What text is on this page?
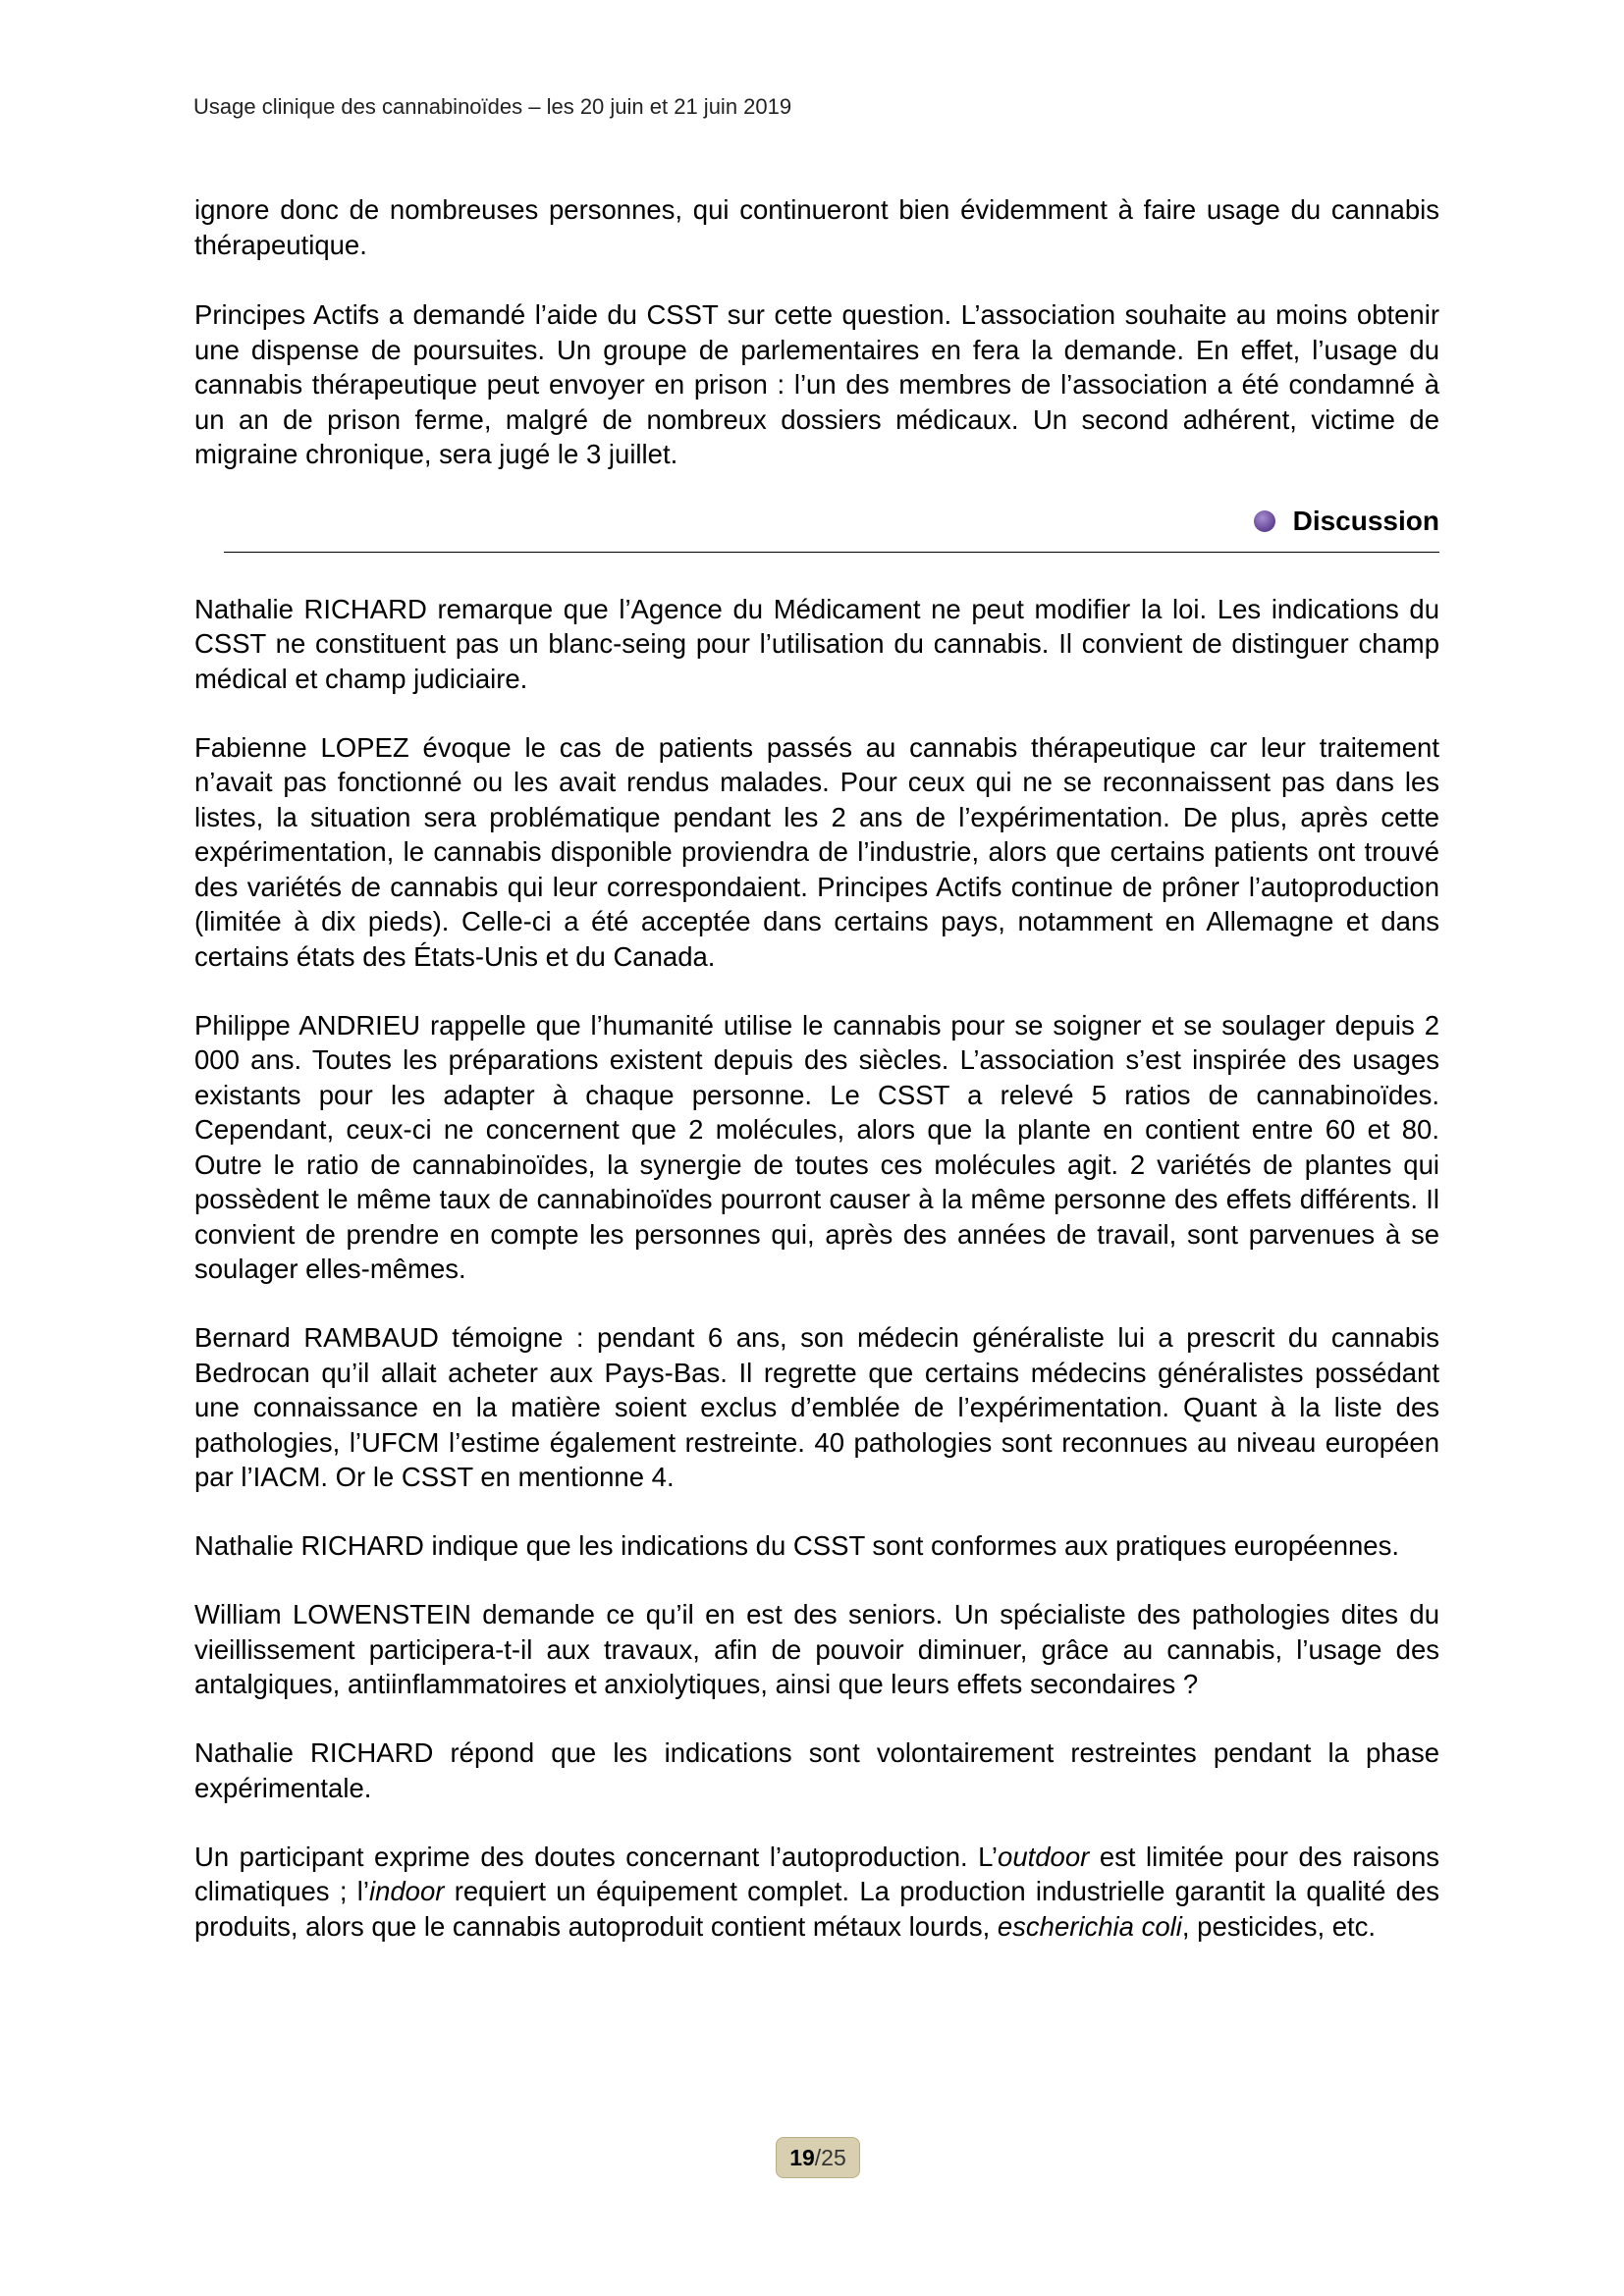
Usage clinique des cannabinoïdes – les 20 juin et 21 juin 2019

ignore donc de nombreuses personnes, qui continueront bien évidemment à faire usage du cannabis thérapeutique.

Principes Actifs a demandé l’aide du CSST sur cette question. L’association souhaite au moins obtenir une dispense de poursuites. Un groupe de parlementaires en fera la demande. En effet, l’usage du cannabis thérapeutique peut envoyer en prison : l’un des membres de l’association a été condamné à un an de prison ferme, malgré de nombreux dossiers médicaux. Un second adhérent, victime de migraine chronique, sera jugé le 3 juillet.

Discussion

Nathalie RICHARD remarque que l’Agence du Médicament ne peut modifier la loi. Les indications du CSST ne constituent pas un blanc-seing pour l’utilisation du cannabis. Il convient de distinguer champ médical et champ judiciaire.

Fabienne LOPEZ évoque le cas de patients passés au cannabis thérapeutique car leur traitement n’avait pas fonctionné ou les avait rendus malades. Pour ceux qui ne se reconnaissent pas dans les listes, la situation sera problématique pendant les 2 ans de l’expérimentation. De plus, après cette expérimentation, le cannabis disponible proviendra de l’industrie, alors que certains patients ont trouvé des variétés de cannabis qui leur correspondaient. Principes Actifs continue de prôner l’autoproduction (limitée à dix pieds). Celle-ci a été acceptée dans certains pays, notamment en Allemagne et dans certains états des États-Unis et du Canada.

Philippe ANDRIEU rappelle que l’humanité utilise le cannabis pour se soigner et se soulager depuis 2 000 ans. Toutes les préparations existent depuis des siècles. L’association s’est inspirée des usages existants pour les adapter à chaque personne. Le CSST a relevé 5 ratios de cannabinoïdes. Cependant, ceux-ci ne concernent que 2 molécules, alors que la plante en contient entre 60 et 80. Outre le ratio de cannabinoïdes, la synergie de toutes ces molécules agit. 2 variétés de plantes qui possèdent le même taux de cannabinoïdes pourront causer à la même personne des effets différents. Il convient de prendre en compte les personnes qui, après des années de travail, sont parvenues à se soulager elles-mêmes.

Bernard RAMBAUD témoigne : pendant 6 ans, son médecin généraliste lui a prescrit du cannabis Bedrocan qu’il allait acheter aux Pays-Bas. Il regrette que certains médecins généralistes possédant une connaissance en la matière soient exclus d’emblée de l’expérimentation. Quant à la liste des pathologies, l’UFCM l’estime également restreinte. 40 pathologies sont reconnues au niveau européen par l’IACM. Or le CSST en mentionne 4.

Nathalie RICHARD indique que les indications du CSST sont conformes aux pratiques européennes.

William LOWENSTEIN demande ce qu’il en est des seniors. Un spécialiste des pathologies dites du vieillissement participera-t-il aux travaux, afin de pouvoir diminuer, grâce au cannabis, l’usage des antalgiques, antiinflammatoires et anxiolytiques, ainsi que leurs effets secondaires ?

Nathalie RICHARD répond que les indications sont volontairement restreintes pendant la phase expérimentale.

Un participant exprime des doutes concernant l’autoproduction. L’outdoor est limitée pour des raisons climatiques ; l’indoor requiert un équipement complet. La production industrielle garantit la qualité des produits, alors que le cannabis autoproduit contient métaux lourds, escherichia coli, pesticides, etc.

19 /25
